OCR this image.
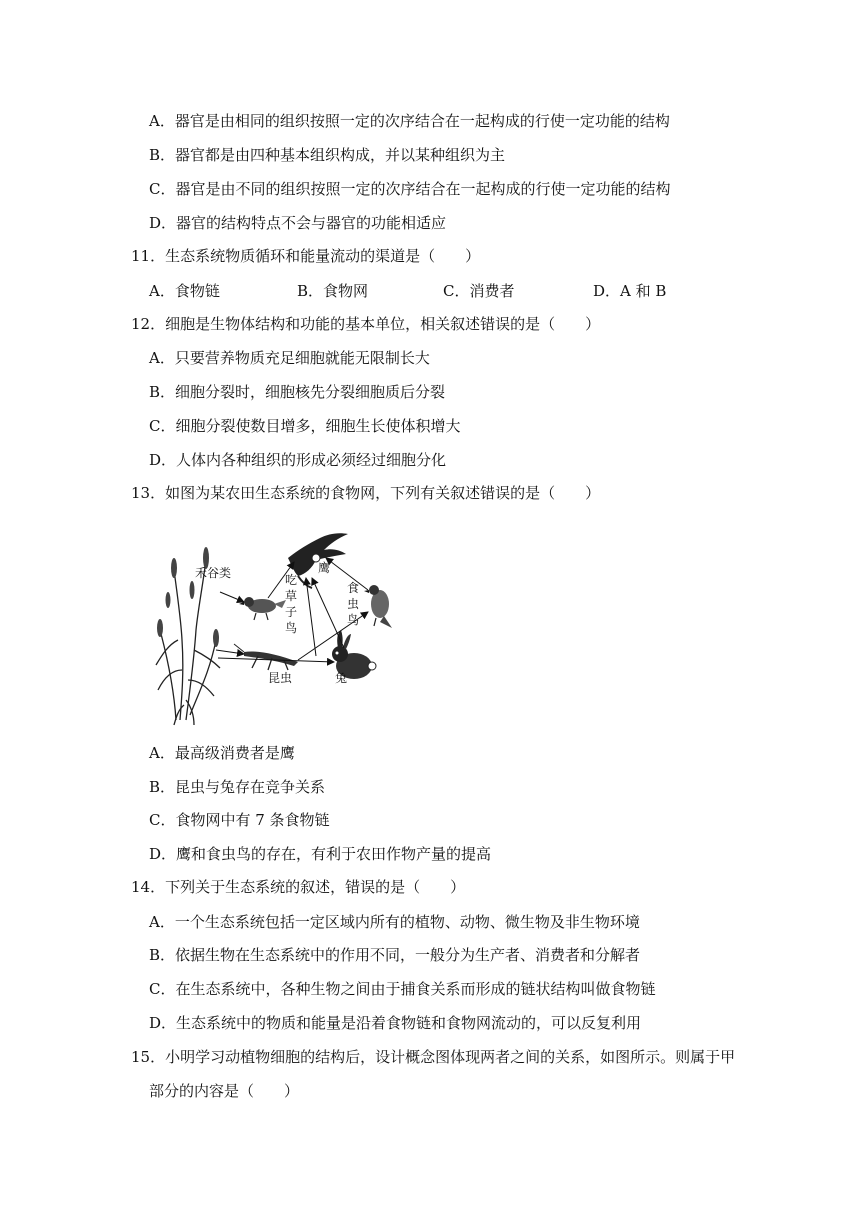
A．器官是由相同的组织按照一定的次序结合在一起构成的行使一定功能的结构
B．器官都是由四种基本组织构成，并以某种组织为主
C．器官是由不同的组织按照一定的次序结合在一起构成的行使一定功能的结构
D．器官的结构特点不会与器官的功能相适应
11．生态系统物质循环和能量流动的渠道是（　　）
A．食物链	B．食物网	C．消费者	D．A 和 B
12．细胞是生物体结构和功能的基本单位，相关叙述错误的是（　　）
A．只要营养物质充足细胞就能无限制长大
B．细胞分裂时，细胞核先分裂细胞质后分裂
C．细胞分裂使数目增多，细胞生长使体积增大
D．人体内各种组织的形成必须经过细胞分化
13．如图为某农田生态系统的食物网，下列有关叙述错误的是（　　）
禾谷类	鹰
吃
草
子
鸟
食
虫
鸟
昆虫	兔
A．最高级消费者是鹰
B．昆虫与兔存在竞争关系
C．食物网中有 7 条食物链
D．鹰和食虫鸟的存在，有利于农田作物产量的提高
14．下列关于生态系统的叙述，错误的是（　　）
A．一个生态系统包括一定区域内所有的植物、动物、微生物及非生物环境
B．依据生物在生态系统中的作用不同，一般分为生产者、消费者和分解者
C．在生态系统中，各种生物之间由于捕食关系而形成的链状结构叫做食物链
D．生态系统中的物质和能量是沿着食物链和食物网流动的，可以反复利用
15．小明学习动植物细胞的结构后，设计概念图体现两者之间的关系，如图所示。则属于甲
部分的内容是（　　）
